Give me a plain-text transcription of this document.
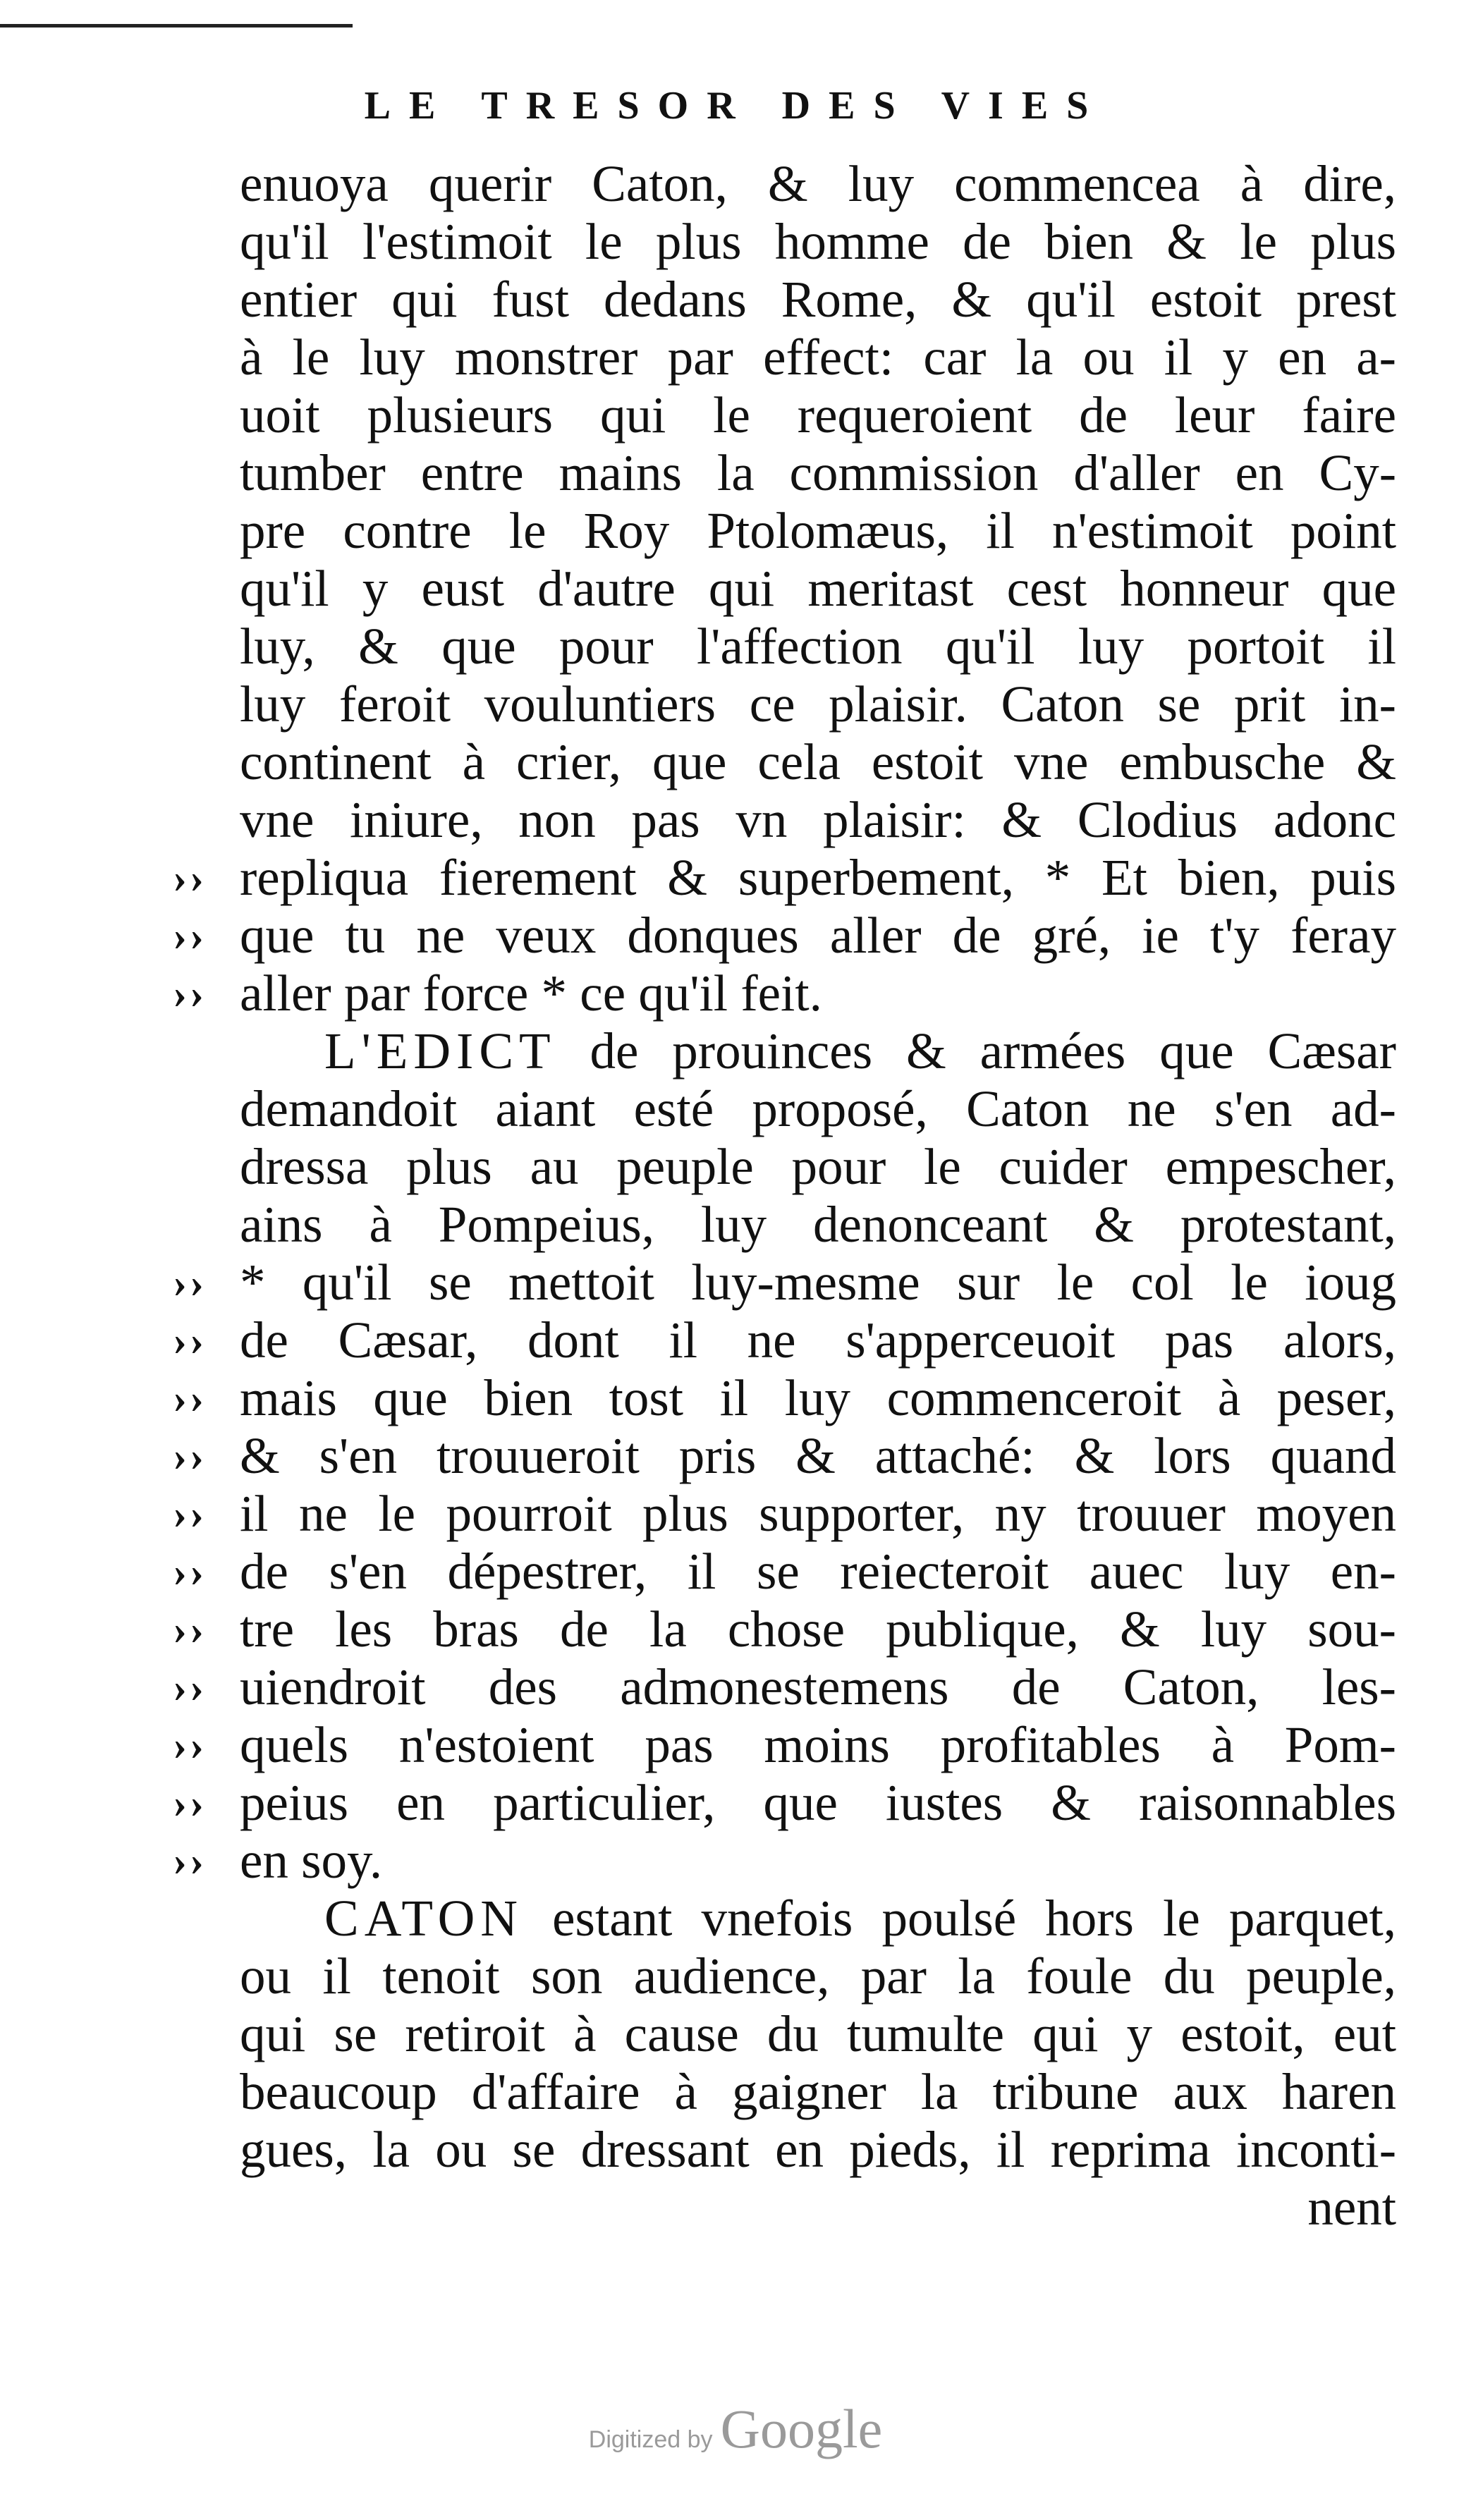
LE TRESOR DES VIES
enuoya querir Caton, & luy commencea à dire,
qu'il l'estimoit le plus homme de bien & le plus
entier qui fust dedans Rome, & qu'il estoit prest
à le luy monstrer par effect: car la ou il y en a-
uoit plusieurs qui le requeroient de leur faire
tumber entre mains la commission d'aller en Cy-
pre contre le Roy Ptolomæus, il n'estimoit point
qu'il y eust d'autre qui meritast cest honneur que
luy, & que pour l'affection qu'il luy portoit il
luy feroit vouluntiers ce plaisir. Caton se prit in-
continent à crier, que cela estoit vne embusche &
vne iniure, non pas vn plaisir: & Clodius adonc
›› repliqua fierement & superbement, * Et bien, puis
›› que tu ne veux donques aller de gré, ie t'y feray
›› aller par force * ce qu'il feit.
L'EDICT de prouinces & armées que Cæsar
demandoit aiant esté proposé, Caton ne s'en ad-
dressa plus au peuple pour le cuider empescher,
ains à Pompeius, luy denonceant & protestant,
›› * qu'il se mettoit luy-mesme sur le col le ioug
›› de Cæsar, dont il ne s'apperceuoit pas alors,
›› mais que bien tost il luy commenceroit à peser,
›› & s'en trouueroit pris & attaché: & lors quand
›› il ne le pourroit plus supporter, ny trouuer moyen
›› de s'en dépestrer, il se reiecteroit auec luy en-
›› tre les bras de la chose publique, & luy sou-
›› uiendroit des admonestemens de Caton, les-
›› quels n'estoient pas moins profitables à Pom-
›› peius en particulier, que iustes & raisonnables
›› en soy.
CATON estant vnefois poulsé hors le parquet,
ou il tenoit son audience, par la foule du peuple,
qui se retiroit à cause du tumulte qui y estoit, eut
beaucoup d'affaire à gaigner la tribune aux haren
gues, la ou se dressant en pieds, il reprima inconti-
nent
Digitized by Google
